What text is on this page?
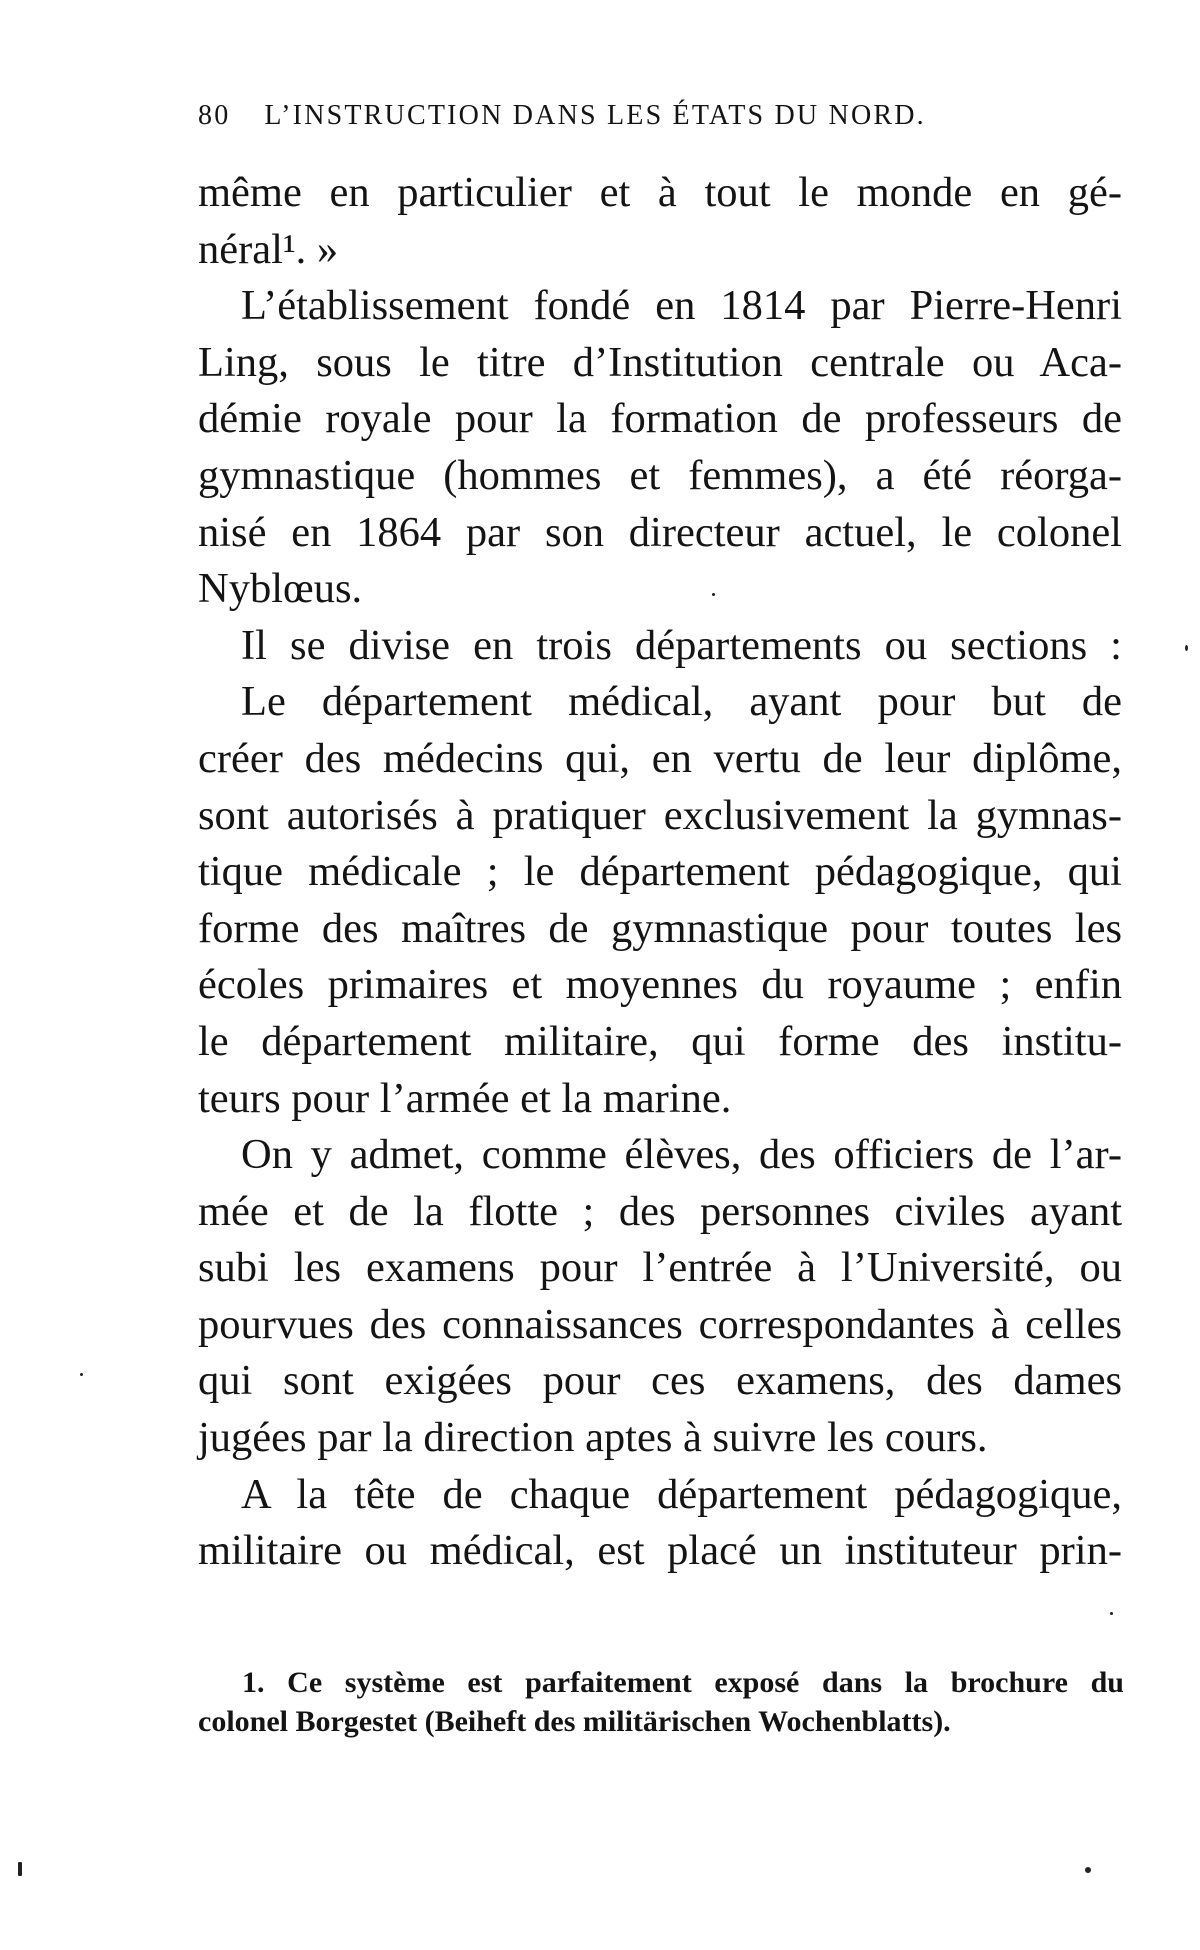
80 L’INSTRUCTION DANS LES ÉTATS DU NORD.
même en particulier et à tout le monde en gé-
néral¹. »
L’établissement fondé en 1814 par Pierre-Henri
Ling, sous le titre d’Institution centrale ou Aca-
démie royale pour la formation de professeurs de
gymnastique (hommes et femmes), a été réorga-
nisé en 1864 par son directeur actuel, le colonel
Nyblœus.
Il se divise en trois départements ou sections :
Le département médical, ayant pour but de
créer des médecins qui, en vertu de leur diplôme,
sont autorisés à pratiquer exclusivement la gymnas-
tique médicale ; le département pédagogique, qui
forme des maîtres de gymnastique pour toutes les
écoles primaires et moyennes du royaume ; enfin
le département militaire, qui forme des institu-
teurs pour l’armée et la marine.
On y admet, comme élèves, des officiers de l’ar-
mée et de la flotte ; des personnes civiles ayant
subi les examens pour l’entrée à l’Université, ou
pourvues des connaissances correspondantes à celles
qui sont exigées pour ces examens, des dames
jugées par la direction aptes à suivre les cours.
A la tête de chaque département pédagogique,
militaire ou médical, est placé un instituteur prin-
1. Ce système est parfaitement exposé dans la brochure du
colonel Borgestet (Beiheft des militärischen Wochenblatts).
